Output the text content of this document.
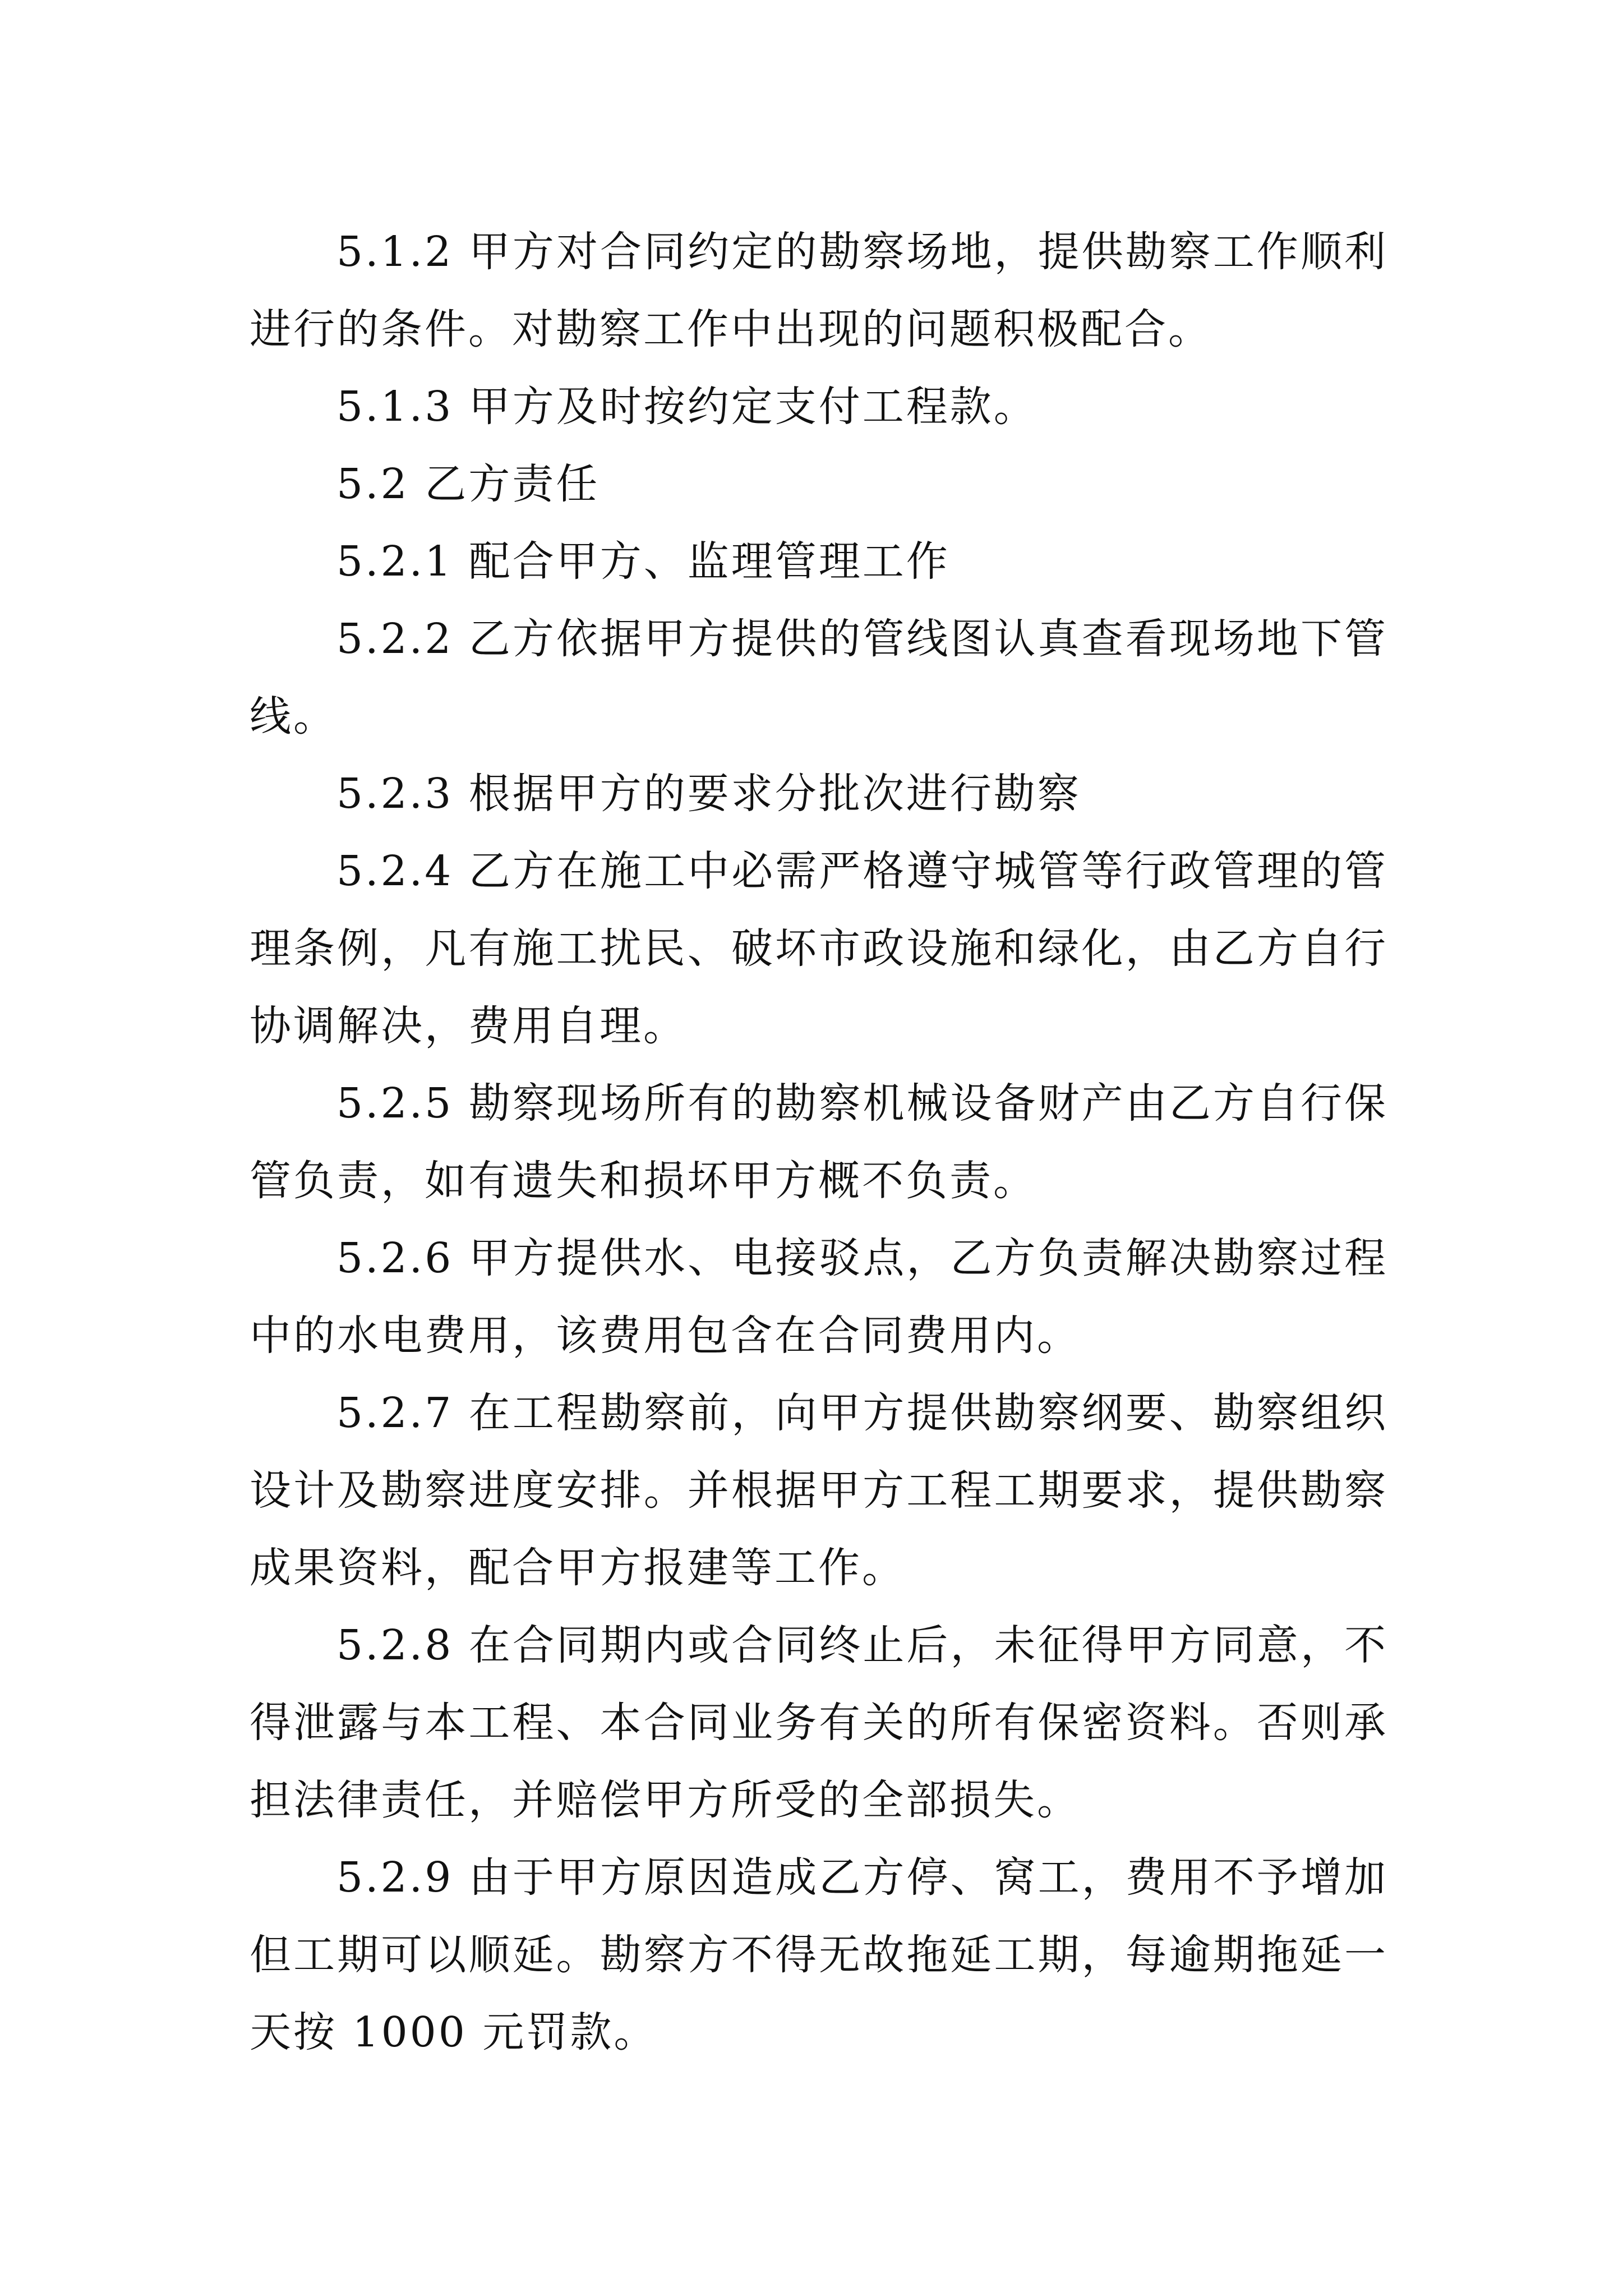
5.1.2 甲方对合同约定的勘察场地，提供勘察工作顺利进行的条件。对勘察工作中出现的问题积极配合。

5.1.3 甲方及时按约定支付工程款。

5.2 乙方责任

5.2.1 配合甲方、监理管理工作

5.2.2 乙方依据甲方提供的管线图认真查看现场地下管线。

5.2.3 根据甲方的要求分批次进行勘察

5.2.4 乙方在施工中必需严格遵守城管等行政管理的管理条例，凡有施工扰民、破坏市政设施和绿化，由乙方自行协调解决，费用自理。

5.2.5 勘察现场所有的勘察机械设备财产由乙方自行保管负责，如有遗失和损坏甲方概不负责。

5.2.6 甲方提供水、电接驳点，乙方负责解决勘察过程中的水电费用，该费用包含在合同费用内。

5.2.7 在工程勘察前，向甲方提供勘察纲要、勘察组织设计及勘察进度安排。并根据甲方工程工期要求，提供勘察成果资料，配合甲方报建等工作。

5.2.8 在合同期内或合同终止后，未征得甲方同意，不得泄露与本工程、本合同业务有关的所有保密资料。否则承担法律责任，并赔偿甲方所受的全部损失。

5.2.9 由于甲方原因造成乙方停、窝工，费用不予增加但工期可以顺延。勘察方不得无故拖延工期，每逾期拖延一天按 1000 元罚款。
